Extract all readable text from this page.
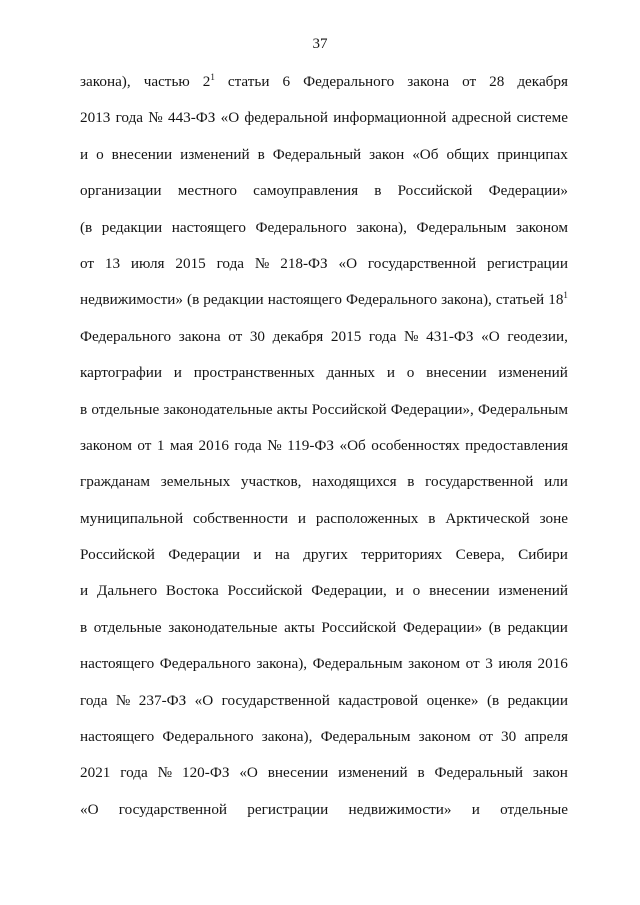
37
закона), частью $2^1$ статьи 6 Федерального закона от 28 декабря
2013 года № 443-ФЗ «О федеральной информационной адресной системе
и о внесении изменений в Федеральный закон «Об общих принципах
организации местного самоуправления в Российской Федерации»
(в редакции настоящего Федерального закона), Федеральным законом
от 13 июля 2015 года № 218-ФЗ «О государственной регистрации
недвижимости» (в редакции настоящего Федерального закона), статьей $18^1$
Федерального закона от 30 декабря 2015 года № 431-ФЗ «О геодезии,
картографии и пространственных данных и о внесении изменений
в отдельные законодательные акты Российской Федерации», Федеральным
законом от 1 мая 2016 года № 119-ФЗ «Об особенностях предоставления
гражданам земельных участков, находящихся в государственной или
муниципальной собственности и расположенных в Арктической зоне
Российской Федерации и на других территориях Севера, Сибири
и Дальнего Востока Российской Федерации, и о внесении изменений
в отдельные законодательные акты Российской Федерации» (в редакции
настоящего Федерального закона), Федеральным законом от 3 июля 2016
года № 237-ФЗ «О государственной кадастровой оценке» (в редакции
настоящего Федерального закона), Федеральным законом от 30 апреля
2021 года № 120-ФЗ «О внесении изменений в Федеральный закон
«О государственной регистрации недвижимости» и отдельные
